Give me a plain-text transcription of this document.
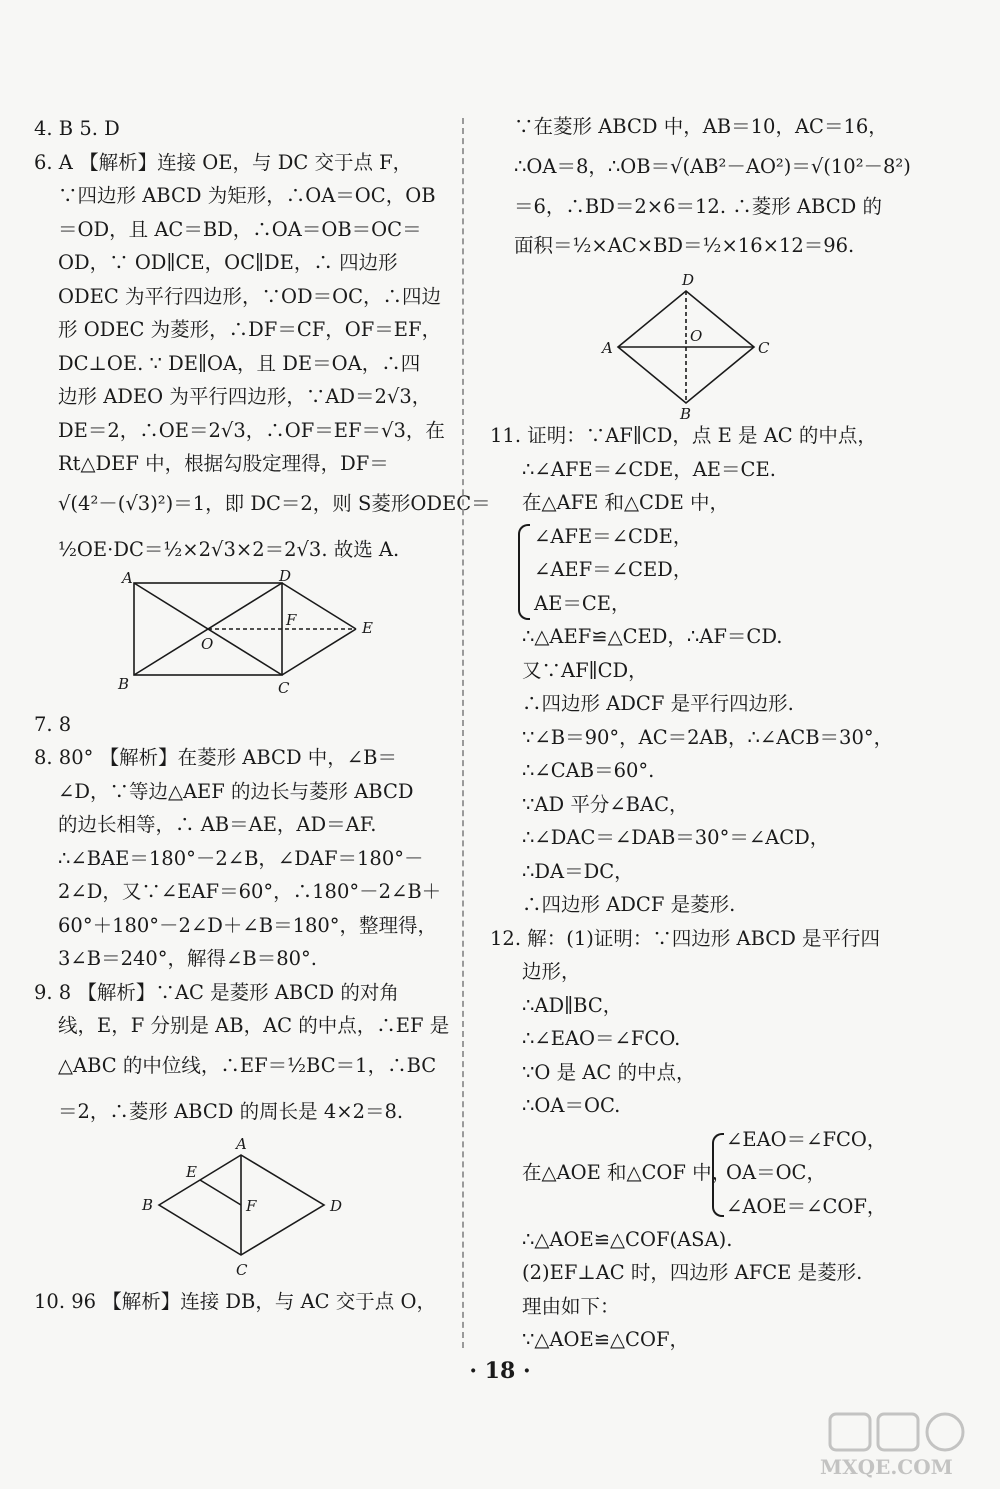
4. B 5. D
6. A 【解析】连接 OE，与 DC 交于点 F，
∵四边形 ABCD 为矩形，∴OA＝OC，OB
＝OD，且 AC＝BD，∴OA＝OB＝OC＝
OD，∵ OD∥CE，OC∥DE，∴ 四边形
ODEC 为平行四边形，∵OD＝OC，∴四边
形 ODEC 为菱形，∴DF＝CF，OF＝EF，
DC⊥OE. ∵ DE∥OA，且 DE＝OA，∴四
边形 ADEO 为平行四边形，∵AD＝2√3，
DE＝2，∴OE＝2√3，∴OF＝EF＝√3，在
Rt△DEF 中，根据勾股定理得，DF＝
√(4²－(√3)²)＝1，即 DC＝2，则 S菱形ODEC＝
½OE·DC＝½×2√3×2＝2√3. 故选 A.
A	D
F
O
E
B	C
7. 8
8. 80° 【解析】在菱形 ABCD 中，∠B＝
∠D，∵等边△AEF 的边长与菱形 ABCD
的边长相等，∴ AB＝AE，AD＝AF.
∴∠BAE＝180°－2∠B，∠DAF＝180°－
2∠D，又∵∠EAF＝60°，∴180°－2∠B＋
60°＋180°－2∠D＋∠B＝180°，整理得，
3∠B＝240°，解得∠B＝80°.
9. 8 【解析】∵AC 是菱形 ABCD 的对角
线，E，F 分别是 AB，AC 的中点，∴EF 是
△ABC 的中位线，∴EF＝½BC＝1，∴BC
＝2，∴菱形 ABCD 的周长是 4×2＝8.
A
E
B	F	D
C
10. 96 【解析】连接 DB，与 AC 交于点 O，
∵在菱形 ABCD 中，AB＝10，AC＝16，
∴OA＝8，∴OB＝√(AB²－AO²)＝√(10²－8²)
＝6，∴BD＝2×6＝12. ∴菱形 ABCD 的
面积＝½×AC×BD＝½×16×12＝96.
D
O
A	C
B
11. 证明：∵AF∥CD，点 E 是 AC 的中点，
∴∠AFE＝∠CDE，AE＝CE.
在△AFE 和△CDE 中，
∠AFE＝∠CDE，
∠AEF＝∠CED，
AE＝CE，
∴△AEF≌△CED，∴AF＝CD.
又∵AF∥CD，
∴四边形 ADCF 是平行四边形.
∵∠B＝90°，AC＝2AB，∴∠ACB＝30°，
∴∠CAB＝60°.
∵AD 平分∠BAC，
∴∠DAC＝∠DAB＝30°＝∠ACD，
∴DA＝DC，
∴四边形 ADCF 是菱形.
12. 解：(1)证明：∵四边形 ABCD 是平行四
边形，
∴AD∥BC，
∴∠EAO＝∠FCO.
∵O 是 AC 的中点，
∴OA＝OC.
在△AOE 和△COF 中，
∠EAO＝∠FCO，
OA＝OC，
∠AOE＝∠COF，
∴△AOE≌△COF(ASA).
(2)EF⊥AC 时，四边形 AFCE 是菱形.
理由如下：
∵△AOE≌△COF，
· 18 ·
MXQE.COM
